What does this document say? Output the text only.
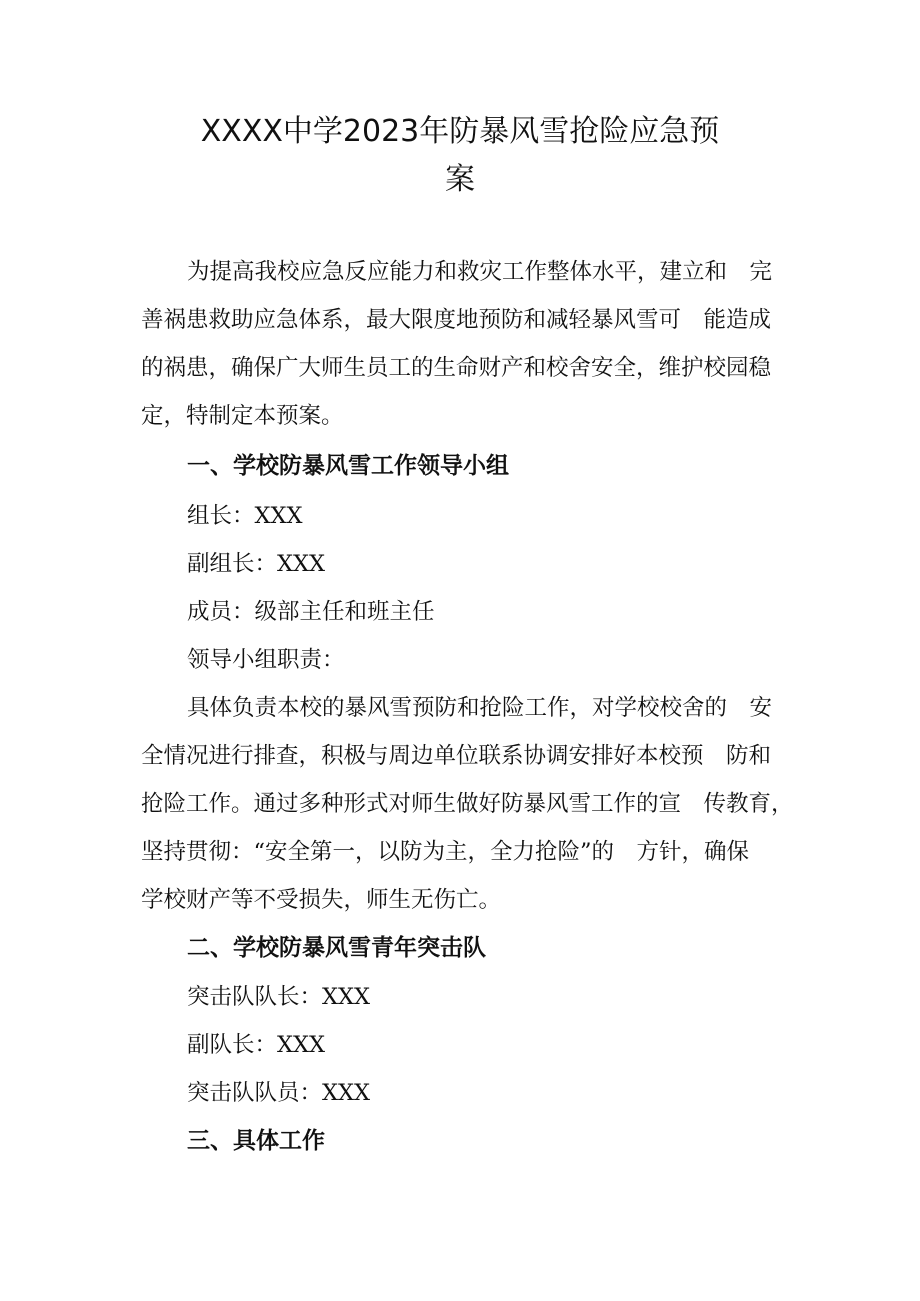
XXXX中学2023年防暴风雪抢险应急预
案
为提高我校应急反应能力和救灾工作整体水平，建立和　完
善祸患救助应急体系，最大限度地预防和减轻暴风雪可　能造成
的祸患，确保广大师生员工的生命财产和校舍安全，维护校园稳
定，特制定本预案。
一、学校防暴风雪工作领导小组
组长：XXX
副组长：XXX
成员：级部主任和班主任
领导小组职责：
具体负责本校的暴风雪预防和抢险工作，对学校校舍的　安
全情况进行排查，积极与周边单位联系协调安排好本校预　防和
抢险工作。通过多种形式对师生做好防暴风雪工作的宣　传教育，
坚持贯彻：“安全第一，以防为主，全力抢险”的　方针，确保
学校财产等不受损失，师生无伤亡。
二、学校防暴风雪青年突击队
突击队队长：XXX
副队长：XXX
突击队队员：XXX
三、具体工作
